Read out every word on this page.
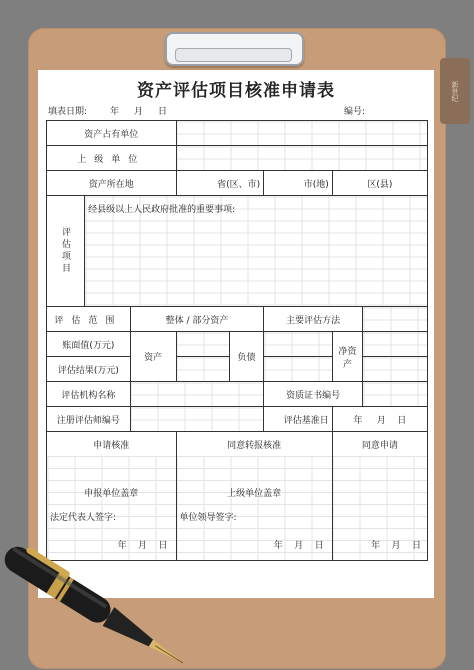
新世纪
资产评估项目核准申请表
填表日期:	年 月 日	编号:
资产占有单位							
上级单位							
资产所在地			省(区、市)		市(地)	区(县)	

评估项目	经县级以上人民政府批准的重要事项:						
评估范围		整体 / 部分资产			主要评估方法		
账面值(万元)		资产		负债		净资产	
评估结果(万元)							
评估机构名称					资质证书编号		
注册评估师编号					评估基准日	年 月 日	
申请核准			同意转报核准			同意申请	

申报单位盖章			上级单位盖章				
法定代表人签字:			单位领导签字:				
年 月 日			年 月 日			年 月 日	
